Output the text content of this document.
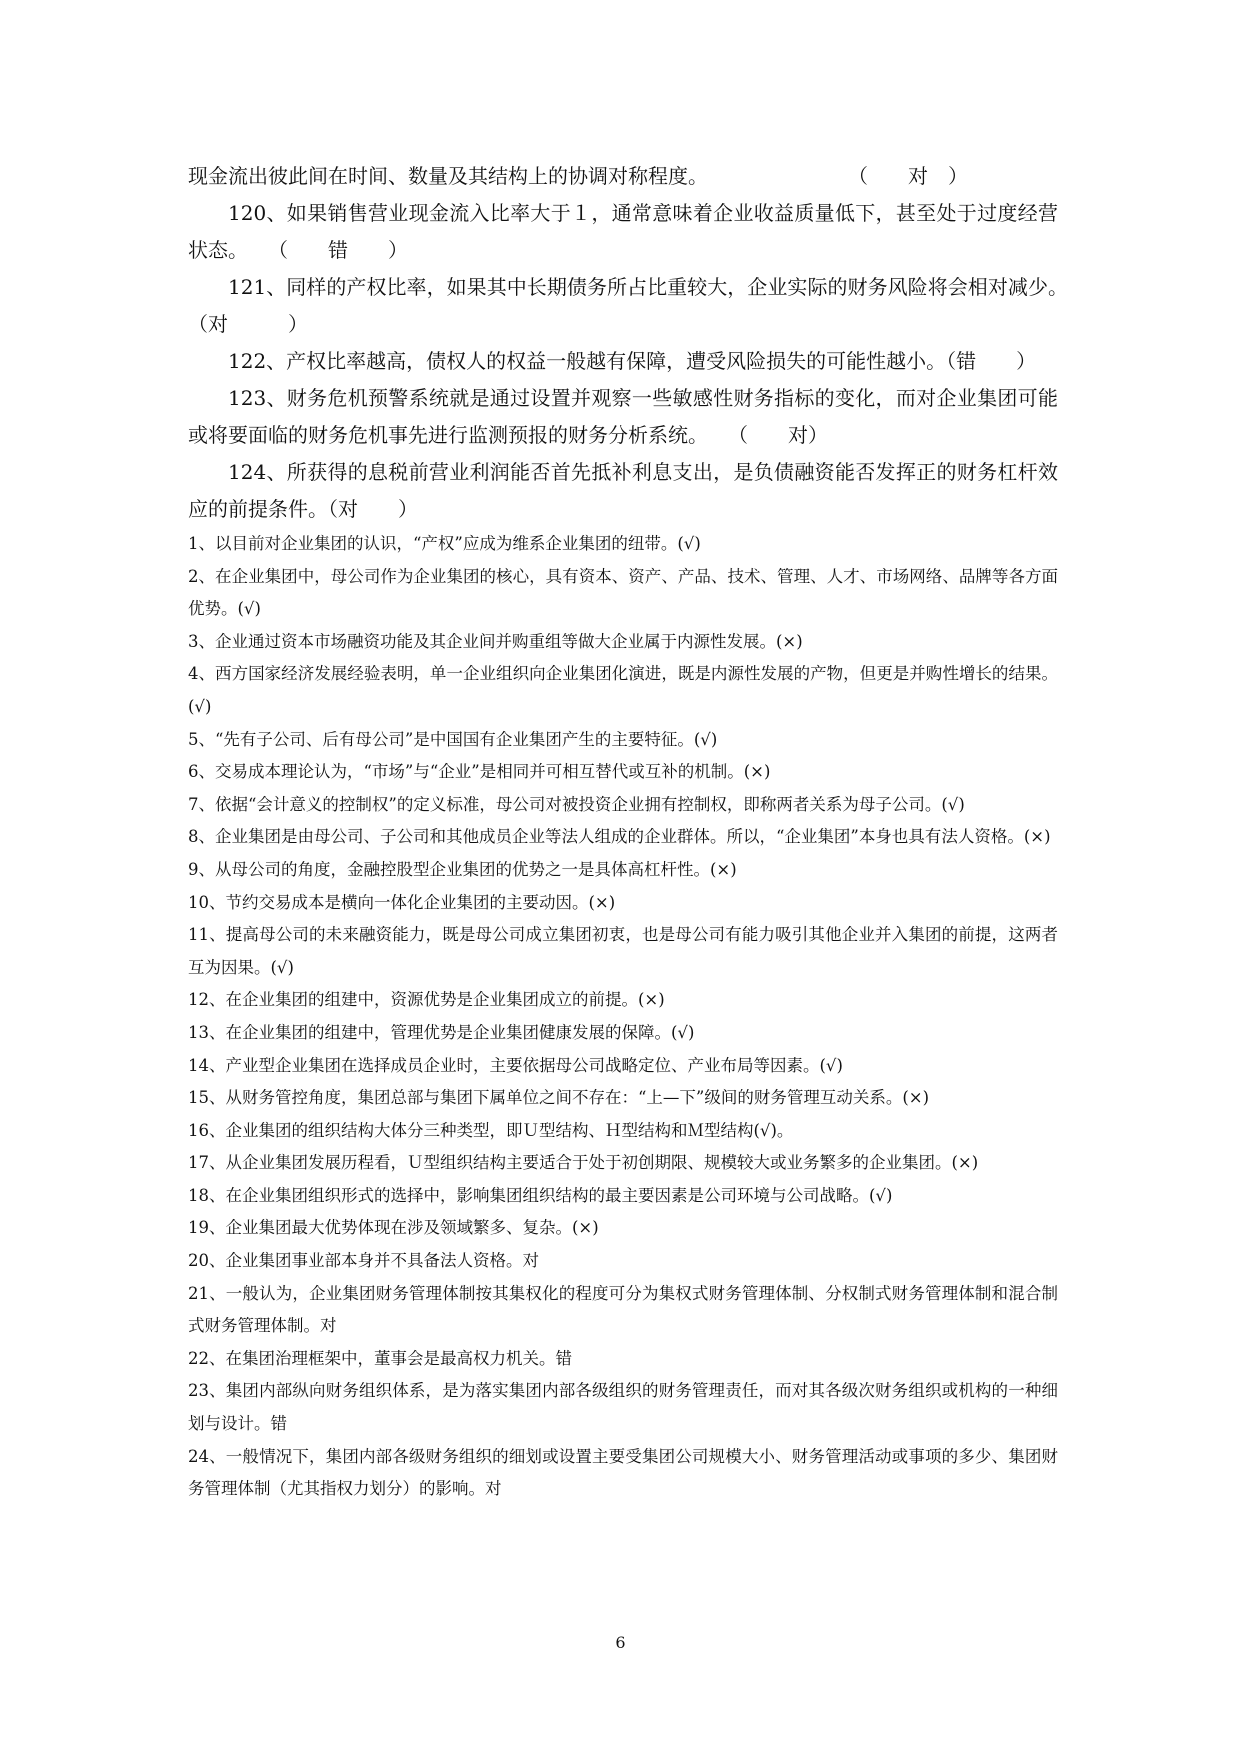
现金流出彼此间在时间、数量及其结构上的协调对称程度。　　　　　　　　（　　对　）

120、如果销售营业现金流入比率大于１，通常意味着企业收益质量低下，甚至处于过度经营状态。　　（　　错　　）

121、同样的产权比率，如果其中长期债务所占比重较大，企业实际的财务风险将会相对减少。　　（对　　　）

122、产权比率越高，债权人的权益一般越有保障，遭受风险损失的可能性越小。（错　　）

123、财务危机预警系统就是通过设置并观察一些敏感性财务指标的变化，而对企业集团可能或将要面临的财务危机事先进行监测预报的财务分析系统。　　（　　对）

124、所获得的息税前营业利润能否首先抵补利息支出，是负债融资能否发挥正的财务杠杆效应的前提条件。（对　　）

1、以目前对企业集团的认识，“产权”应成为维系企业集团的纽带。(√)

2、在企业集团中，母公司作为企业集团的核心，具有资本、资产、产品、技术、管理、人才、市场网络、品牌等各方面优势。(√)

3、企业通过资本市场融资功能及其企业间并购重组等做大企业属于内源性发展。(×)

4、西方国家经济发展经验表明，单一企业组织向企业集团化演进，既是内源性发展的产物，但更是并购性增长的结果。(√)

5、“先有子公司、后有母公司”是中国国有企业集团产生的主要特征。(√)

6、交易成本理论认为，“市场”与“企业”是相同并可相互替代或互补的机制。(×)

7、依据“会计意义的控制权”的定义标准，母公司对被投资企业拥有控制权，即称两者关系为母子公司。(√)

8、企业集团是由母公司、子公司和其他成员企业等法人组成的企业群体。所以，“企业集团”本身也具有法人资格。(×)

9、从母公司的角度，金融控股型企业集团的优势之一是具体高杠杆性。(×)

10、节约交易成本是横向一体化企业集团的主要动因。(×)

11、提高母公司的未来融资能力，既是母公司成立集团初衷，也是母公司有能力吸引其他企业并入集团的前提，这两者互为因果。(√)

12、在企业集团的组建中，资源优势是企业集团成立的前提。(×)

13、在企业集团的组建中，管理优势是企业集团健康发展的保障。(√)

14、产业型企业集团在选择成员企业时，主要依据母公司战略定位、产业布局等因素。(√)

15、从财务管控角度，集团总部与集团下属单位之间不存在：“上—下”级间的财务管理互动关系。(×)

16、企业集团的组织结构大体分三种类型，即Ｕ型结构、Ｈ型结构和Ｍ型结构(√)。

17、从企业集团发展历程看，Ｕ型组织结构主要适合于处于初创期限、规模较大或业务繁多的企业集团。(×)

18、在企业集团组织形式的选择中，影响集团组织结构的最主要因素是公司环境与公司战略。(√)

19、企业集团最大优势体现在涉及领域繁多、复杂。(×)

20、企业集团事业部本身并不具备法人资格。对

21、一般认为，企业集团财务管理体制按其集权化的程度可分为集权式财务管理体制、分权制式财务管理体制和混合制式财务管理体制。对

22、在集团治理框架中，董事会是最高权力机关。错

23、集团内部纵向财务组织体系，是为落实集团内部各级组织的财务管理责任，而对其各级次财务组织或机构的一种细划与设计。错

24、一般情况下，集团内部各级财务组织的细划或设置主要受集团公司规模大小、财务管理活动或事项的多少、集团财务管理体制（尤其指权力划分）的影响。对

6
